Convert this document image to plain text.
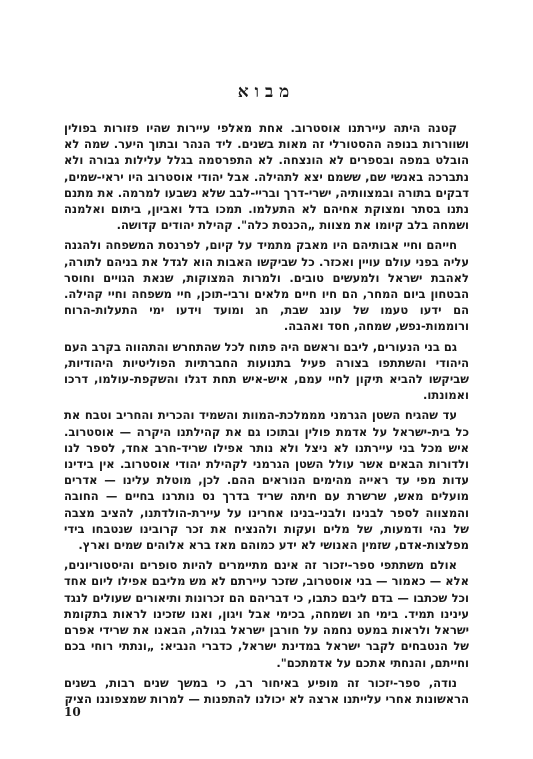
מבוא

קטנה היתה עיירתנו אוסטרוב. אחת מאלפי עיירות שהיו פזורות בפולין ושווררות בנופה ההסטורלי זה מאות בשנים. ליד הנהר ובתוך היער. שמה לא הובלט במפה ובספרים לא הונצחה. לא התפרסמה בגלל עלילות גבורה ולא נתברכה באנשי שם, ששמם יצא לתהילה. אבל יהודי אוסטרוב היו יראי-שמים, דבקים בתורה ובמצוותיה, ישרי-דרך ובריי-לבב שלא נשבעו למרמה. את מתנם נתנו בסתר ומצוקת אחיהם לא התעלמו. תמכו בדל ואביון, ביתום ואלמנה ושמחה בלב קיומו את מצוות „הכנסת כלה". קהילת יהודים קדושה.

חייהם וחיי אבותיהם היו מאבק מתמיד על קיום, לפרנסת המשפחה ולהגנה עליה בפני עולם עויין ואכזר. כל שביקשו האבות הוא לגדל את בניהם לתורה, לאהבת ישראל ולמעשים טובים. ולמרות המצוקות, שנאת הגויים וחוסר הבטחון ביום המחר, הם חיו חיים מלאים ורבי-תוכן, חיי משפחה וחיי קהילה. הם ידעו טעמו של עונג שבת, חג ומועד וידעו ימי התעלות-הרוח ורוממות-נפש, שמחה, חסד ואהבה.

גם בני הנעורים, ליבם וראשם היה פתוח לכל שהתחרש והתהווה בקרב העם היהודי והשתתפו בצורה פעיל בתנועות החברתיות הפוליטיות היהודיות, שביקשו להביא תיקון לחיי עמם, איש-איש תחת דגלו והשקפת-עולמו, דרכו ואמונתו.

עד שהגיח השטן הגרמני מממלכת-המוות והשמיד והכרית והחריב וטבח את כל בית-ישראל על אדמת פולין ובתוכו גם את קהילתנו היקרה — אוסטרוב. איש מכל בני עיירתנו לא ניצל ולא נותר אפילו שריד-חרב אחד, לספר לנו ולדורות הבאים אשר עולל השטן הגרמני לקהילת יהודי אוסטרוב. אין בידינו עדות מפי עד ראייה מהימים הנוראים ההם. לכן, מוטלת עלינו — אדרים מועלים מאש, שרשרת עם חיתה שריד בדרך נס נותרנו בחיים — החובה והמצווה לספר לבנינו ולבני-בנינו אחרינו על עיירת-הולדתנו, להציב מצבה של נהי ודמעות, של מלים ועקות ולהנציח את זכר קרובינו שנטבחו בידי מפלצות-אדם, שזמין האנושי לא ידע כמוהם מאז ברא אלוהים שמים וארץ.

אולם משתתפי ספר-יזכור זה אינם מתיימרים להיות סופרים והיסטוריונים, אלא — כאמור — בני אוסטרוב, שזכר עיירתם לא מש מליבם אפילו ליום אחד וכל שכתבו — בדם ליבם כתבו, כי דבריהם הם זכרונות ותיאורים שעולים לנגד עינינו תמיד. בימי חג ושמחה, בכימי אבל ויגון, ואנו שזכינו לראות בתקומת ישראל ולראות במעט נחמה על חורבן ישראל בגולה, הבאנו את שרידי אפרם של הנטבחים לקבר ישראל במדינת ישראל, כדברי הנביא: „ונתתי רוחי בכם וחייתם, והנחתי אתכם על אדמתכם".

נודה, ספר-יזכור זה מופיע באיחור רב, כי במשך שנים רבות, בשנים הראשונות אחרי עלייתנו ארצה לא יכולנו להתפנות — למרות שמצפוננו הציק

10
